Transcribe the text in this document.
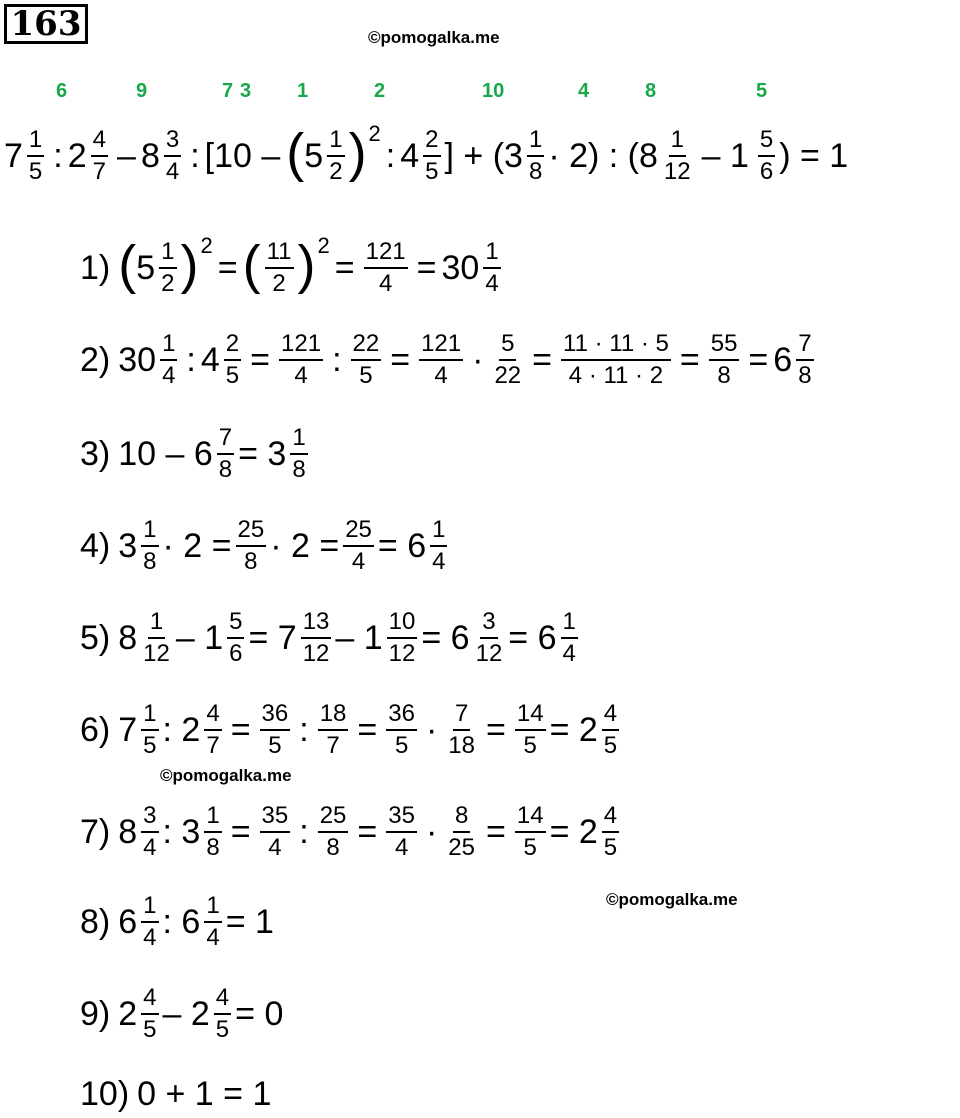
163	©pomogalka.me
6	9	7 3 1	2	10	4	8	5
$7 \frac{1}{5}$ : $2 \frac{4}{7} - 8 \frac{3}{4}$ : [10 – ( $5 \frac{1}{2}$ ) 2
: $4 \frac{2}{5}$ ] + $(3 \frac{1}{8} \cdot 2)$ : ($8 \frac{1}{12} - 1 \frac{5}{6}$ ) = 1
1) ( $5 \frac{1}{2}$ ) 2
= ( $\frac{11}{2}$ ) 2
= $\frac{121}{4} = 30 \frac{1}{4}$
2) $30 \frac{1}{4}$ : $4 \frac{2}{5} = \frac{121}{4}$ : $\frac{22}{5} = \frac{121}{4} \cdot \frac{5}{22} = \frac{11 \cdot 11 \cdot 5}{4 \cdot 11 \cdot 2} = \frac{55}{8} = 6 \frac{7}{8}$
3) $10 - 6 \frac{7}{8} = 3 \frac{1}{8}$
4) $3 \frac{1}{8} \cdot 2 = \frac{25}{8} \cdot 2 = \frac{25}{4} = 6 \frac{1}{4}$
5) $8 \frac{1}{12} - 1 \frac{5}{6} = 7 \frac{13}{12} - 1 \frac{10}{12} = 6 \frac{3}{12} = 6 \frac{1}{4}$
6) $7 \frac{1}{5}$ : $2 \frac{4}{7} = \frac{36}{5}$ : $\frac{18}{7} = \frac{36}{5} \cdot \frac{7}{18} = \frac{14}{5} = 2 \frac{4}{5}$
©pomogalka.me
7) $8 \frac{3}{4}$ : $3 \frac{1}{8} = \frac{35}{4}$ : $\frac{25}{8} = \frac{35}{4} \cdot \frac{8}{25} = \frac{14}{5} = 2 \frac{4}{5}$
©pomogalka.me
8) $6 \frac{1}{4}$ : $6 \frac{1}{4} = 1$
9) $2 \frac{4}{5} - 2 \frac{4}{5} = 0$
10) 0 + 1 = 1
